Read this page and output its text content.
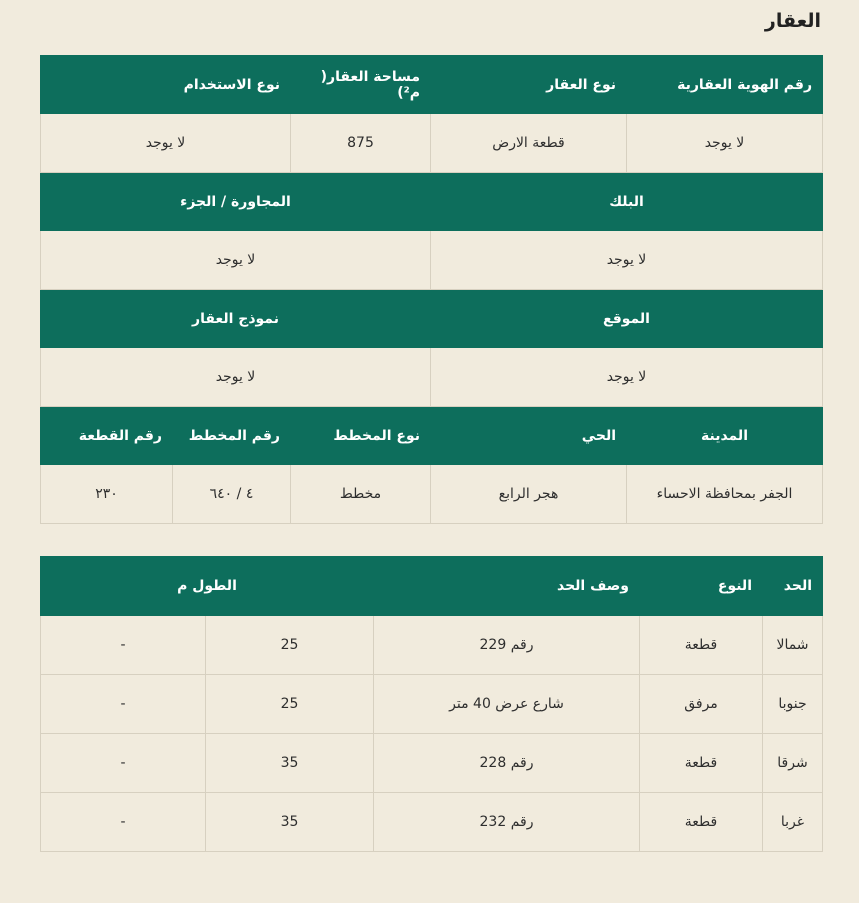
العقار
رقم الهوية العقارية	نوع العقار	مساحة العقار( م²)	نوع الاستخدام	
لا يوجد	قطعة الارض	875	لا يوجد	
البلك		المجاورة / الجزء		
لا يوجد		لا يوجد		
الموقع		نموذج العقار		
لا يوجد		لا يوجد		
المدينة	الحي	نوع المخطط	رقم المخطط	رقم القطعة
الجفر بمحافظة الاحساء	هجر الرابع	مخطط	٤ / ٦٤٠	٢٣٠
الحد	النوع	وصف الحد	الطول م	
شمالا	قطعة	رقم 229	25	-
جنوبا	مرفق	شارع عرض 40 متر	25	-
شرقا	قطعة	رقم 228	35	-
غربا	قطعة	رقم 232	35	-
